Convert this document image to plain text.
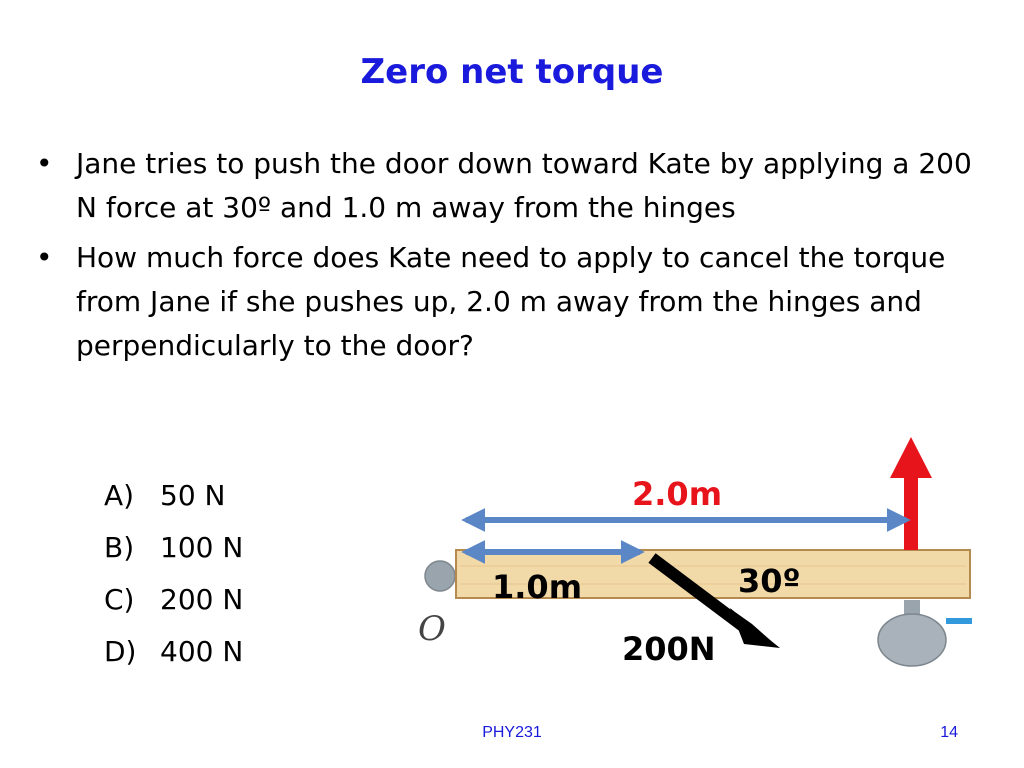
Zero net torque
• Jane tries to push the door down toward Kate by applying a 200 N force at 30º and 1.0 m away from the hinges
• How much force does Kate need to apply to cancel the torque from Jane if she pushes up, 2.0 m away from the hinges and perpendicularly to the door?
A) 50 N
B) 100 N
C) 200 N
D) 400 N
O
2.0m
1.0m	30º
200N
PHY231	14
